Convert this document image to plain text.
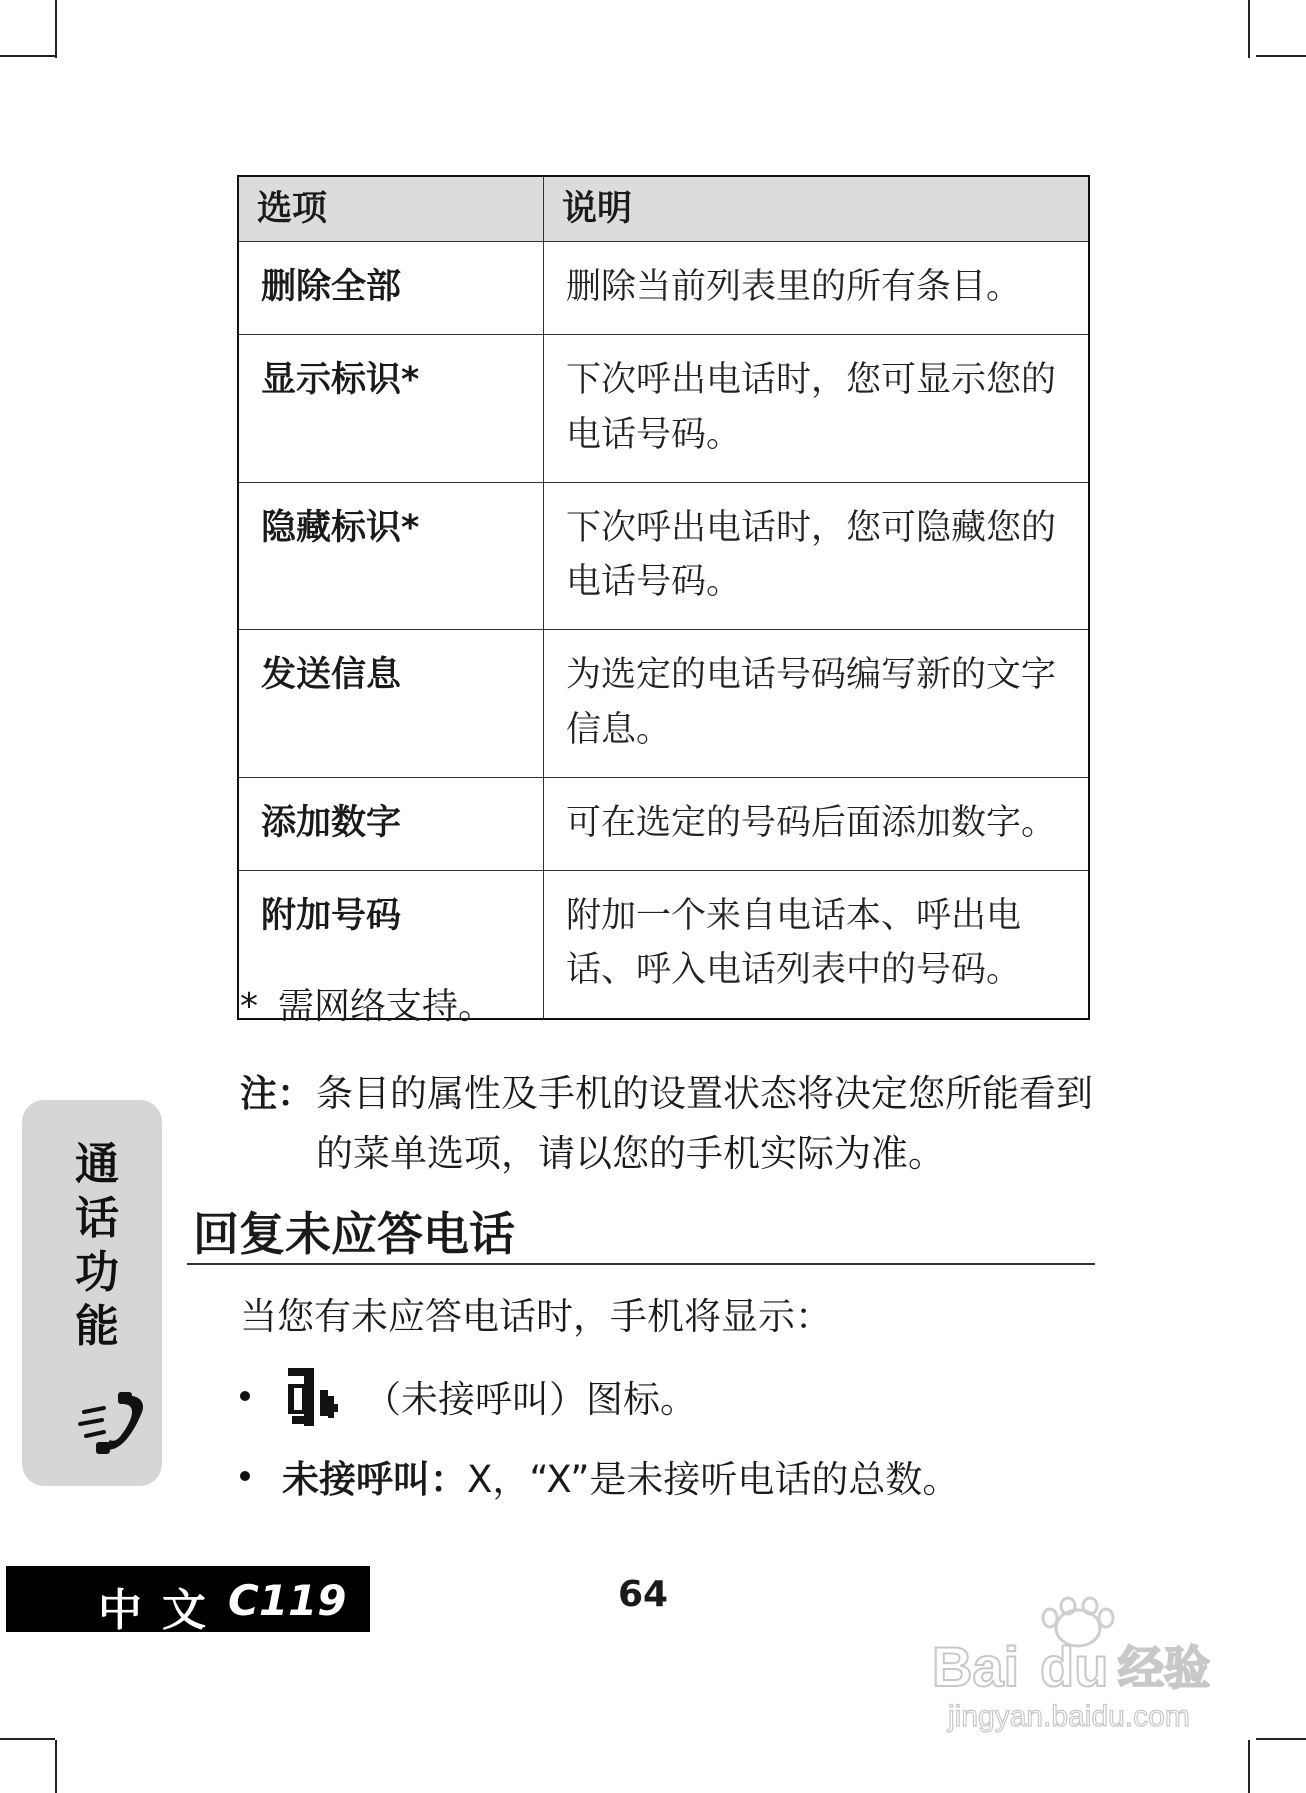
选项	说明
删除全部	删除当前列表里的所有条目。
显示标识*	下次呼出电话时，您可显示您的电话号码。
隐藏标识*	下次呼出电话时，您可隐藏您的电话号码。
发送信息	为选定的电话号码编写新的文字信息。
添加数字	可在选定的号码后面添加数字。
附加号码	附加一个来自电话本、呼出电话、呼入电话列表中的号码。
* 需网络支持。
注： 条目的属性及手机的设置状态将决定您所能看到的菜单选项，请以您的手机实际为准。
回复未应答电话
当您有未应答电话时，手机将显示：
（未接呼叫）图标。
未接呼叫： X，“X”是未接听电话的总数。
通
话
功
能
中文 C119	64
Bai du 经验
jingyan.baidu.com
